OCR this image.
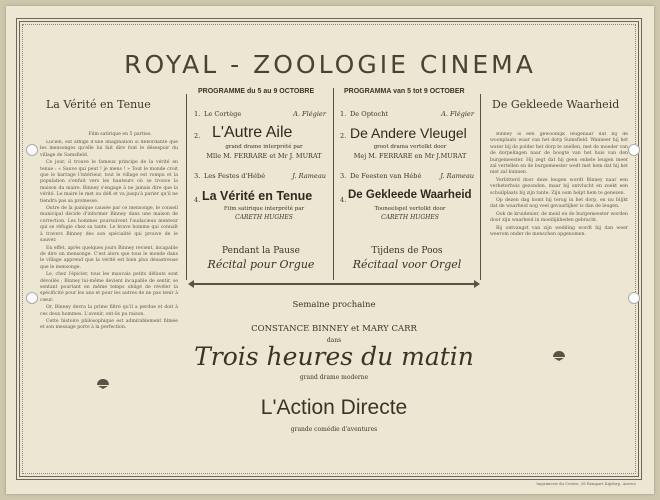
ROYAL - ZOOLOGIE CINEMA
La Vérité en Tenue
Film satirique en 5 parties.

Lucien, est affligé d'une imagination si débordante que les mensonges qu'elle lui fait dire font le désespoir du village de Samsfield.

Ce jour, il trouve le fameux principe de la vérité en tenue : « Sauve qui peut ! je mens ! » Tout le monde croit que le barrage l'intérieur, tout le village est rompu et la population s'enfuit vers les hauteurs où se trouve la maison du maire. Binney s'engage à ne jamais dire que la vérité. Le maire le met au défi et va jusqu'à parier qu'il ne tiendra pas sa promesse.

Outre de la panique causée par ce mensonge, le conseil municipal décide d'informer Binney dans une maison de correction. Les hommes poursuivent l'audacieux menteur qui se réfugie chez sa tante. Le brave homme qui connaît à travers Binney des son spécialité qui prouve de le sauver.

En effet, après quelques jours Binney revient, incapable de dire un mensonge. C'est alors que tous le monde dans le village apprend que la vérité est bien plus désastreuse que le mensonge.

Le, chez l'épicier, tous les mauvais petits défauts sont dévoilés ; Binney lui-même devient incapable de sentir, se sentant pourtant en même temps obligé de révéler la spécificité pour les uns et pour les autres de ne pas tenir à cœur.

Or, Binney devra la prime filtre qu'il a perdue et doit à ces deux hommes. L'avenir, ont-ils pu raison.

Cette histoire philosophique est admirablement filmée et son message porte à la perfection.

De Gekleede Waarheid

Binney is een gewoonlijk leugenaar dat bij de woonplaats waar van het dorp Sumsfield. Wanneer hij het water bij de polder het dorp te snellen, met de moeder van de dorpelingen naar de hoogte van het huis van den burgemeester. Hij zegt dat hij geen enkele leugen meer zal vertellen en de burgemeester wedt met hem dat hij het niet zal kunnen.

Verbitterd door deze leugen wordt Binney naar een verbeterhuis gezonden, maar hij ontvlucht en zoekt een schuilplaats bij zijn tante. Zijn oom helpt hem te genezen.

Op dezen dag komt hij terug in het dorp, en nu blijkt dat de waarheid nog veel gevaarlijker is dan de leugen.

Ook de kruidenier, de meid en de burgemeester worden door zijn waarheid in moeilijkheden gebracht.

Bij ontvangst van zijn wedding wordt hij dan weer weerom onder de menschen opgenomen.

PROGRAMME du 5 au 9 OCTOBRE
1. Le Cortège	A. Flégier
2. L'Autre Aile
grand drame interprété par
Mlle M. FERRARE et Mr J. MURAT
3. Les Festes d'Hébé	J. Rameau
4. La Vérité en Tenue
Film satirique interprété par
CARETH HUGHES
Pendant la Pause
Récital pour Orgue
PROGRAMMA van 5 tot 9 OCTOBER
1. De Optocht	A. Flégier
2. De Andere Vleugel
groot drama vertolkt door
Mej M. FERRARE en Mr J.MURAT
3. De Feesten van Hébé	J. Rameau
4. De Gekleede Waarheid
Tooneelspel vertolkt door
CARETH HUGHES
Tijdens de Poos
Récitaal voor Orgel
Semaine prochaine
CONSTANCE BINNEY et MARY CARR
dans
Trois heures du matin
grand drame moderne
L'Action Directe
grande comédie d'aventures
Imprimerie du Centre, 26 Rempart Kipdorp, Anvers
